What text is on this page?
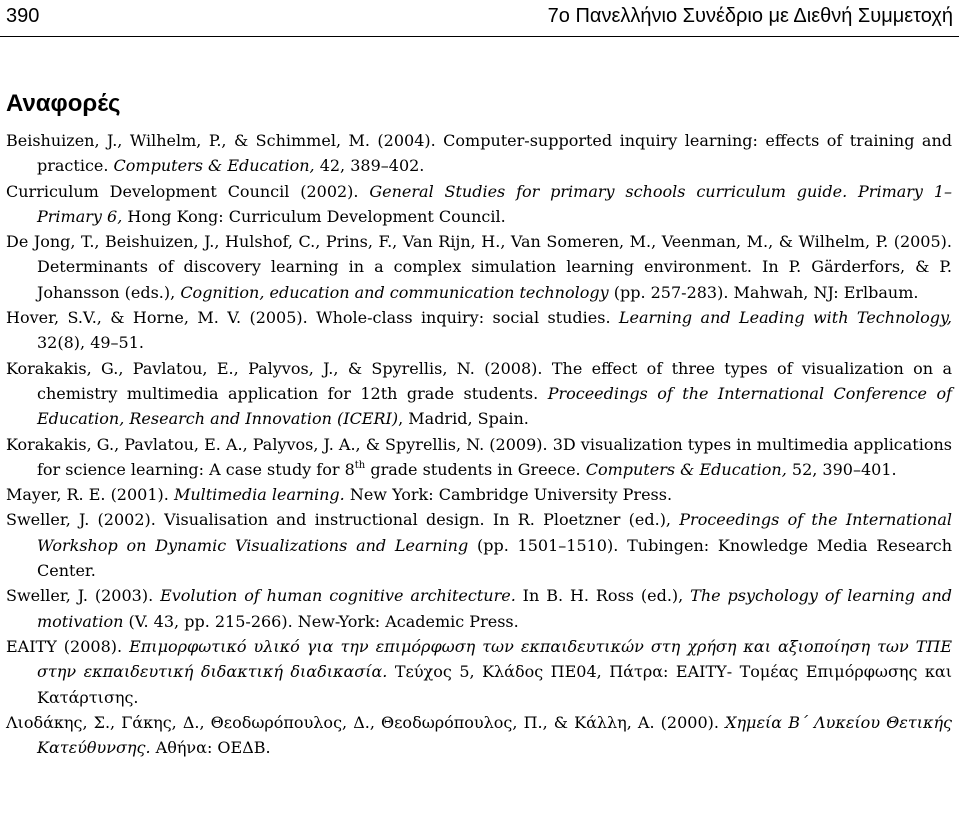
390	7ο Πανελλήνιο Συνέδριο με Διεθνή Συμμετοχή
Αναφορές

Beishuizen, J., Wilhelm, P., & Schimmel, M. (2004). Computer-supported inquiry learning: effects of training and practice. Computers & Education, 42, 389–402.

Curriculum Development Council (2002). General Studies for primary schools curriculum guide. Primary 1– Primary 6, Hong Kong: Curriculum Development Council.

De Jong, T., Beishuizen, J., Hulshof, C., Prins, F., Van Rijn, H., Van Someren, M., Veenman, M., & Wilhelm, P. (2005). Determinants of discovery learning in a complex simulation learning environment. In P. Gärderfors, & P. Johansson (eds.), Cognition, education and communication technology (pp. 257-283). Mahwah, NJ: Erlbaum.

Hover, S.V., & Horne, M. V. (2005). Whole-class inquiry: social studies. Learning and Leading with Technology, 32(8), 49–51.

Korakakis, G., Pavlatou, E., Palyvos, J., & Spyrellis, N. (2008). The effect of three types of visualization on a chemistry multimedia application for 12th grade students. Proceedings of the International Conference of Education, Research and Innovation (ICERI), Madrid, Spain.

Korakakis, G., Pavlatou, E. A., Palyvos, J. A., & Spyrellis, N. (2009). 3D visualization types in multimedia applications for science learning: A case study for 8th grade students in Greece. Computers & Education, 52, 390–401.

Mayer, R. E. (2001). Multimedia learning. New York: Cambridge University Press.

Sweller, J. (2002). Visualisation and instructional design. In R. Ploetzner (ed.), Proceedings of the International Workshop on Dynamic Visualizations and Learning (pp. 1501–1510). Tubingen: Knowledge Media Research Center.

Sweller, J. (2003). Evolution of human cognitive architecture. In B. H. Ross (ed.), The psychology of learning and motivation (V. 43, pp. 215-266). New-York: Academic Press.

EAITY (2008). Επιμορφωτικό υλικό για την επιμόρφωση των εκπαιδευτικών στη χρήση και αξιοποίηση των ΤΠΕ στην εκπαιδευτική διδακτική διαδικασία. Τεύχος 5, Κλάδος ΠΕ04, Πάτρα: ΕΑΙΤΥ- Τομέας Επιμόρφωσης και Κατάρτισης.

Λιοδάκης, Σ., Γάκης, Δ., Θεοδωρόπουλος, Δ., Θεοδωρόπουλος, Π., & Κάλλη, Α. (2000). Χημεία Β΄ Λυκείου Θετικής Κατεύθυνσης. Αθήνα: ΟΕΔΒ.
